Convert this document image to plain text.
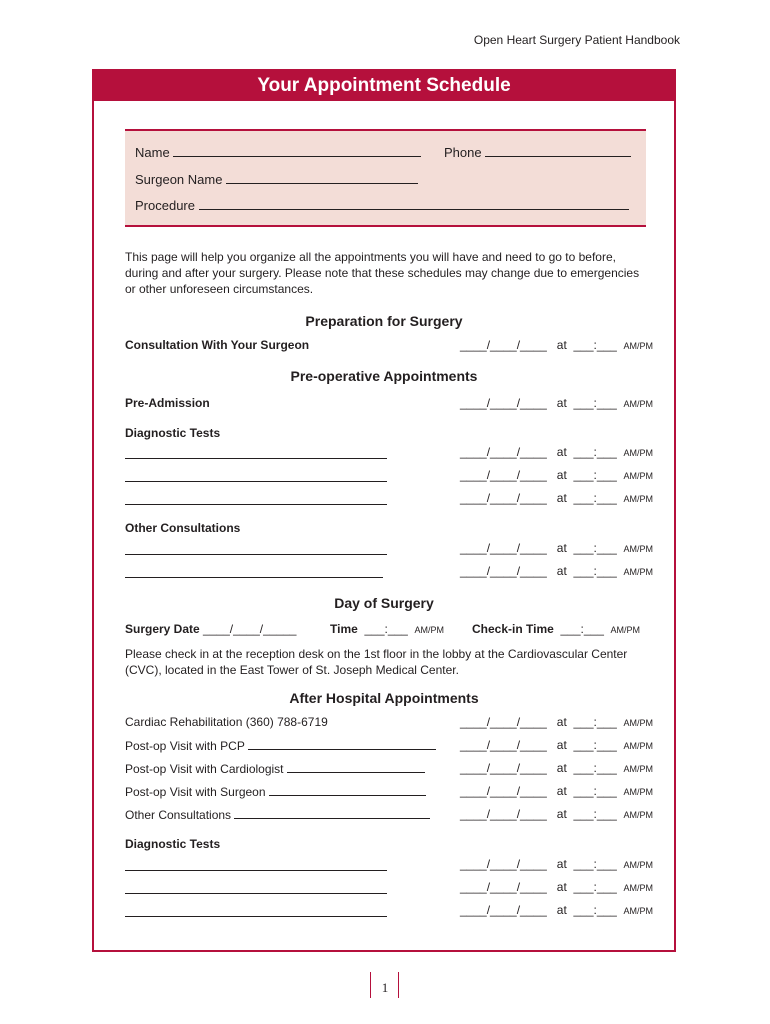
Open Heart Surgery Patient Handbook
Your Appointment Schedule
Name	Phone
Surgeon Name
Procedure
This page will help you organize all the appointments you will have and need to go to before, during and after your surgery. Please note that these schedules may change due to emergencies or other unforeseen circumstances.
Preparation for Surgery
Consultation With Your Surgeon	____/____/____ at ___:___ AM/PM
Pre-operative Appointments
Pre-Admission	____/____/____ at ___:___ AM/PM
Diagnostic Tests
____/____/____ at ___:___ AM/PM
____/____/____ at ___:___ AM/PM
____/____/____ at ___:___ AM/PM
Other Consultations
____/____/____ at ___:___ AM/PM
____/____/____ at ___:___ AM/PM
Day of Surgery
Surgery Date ____/____/_____	Time ___:___ AM/PM Check-in Time ___:___ AM/PM
Please check in at the reception desk on the 1st floor in the lobby at the Cardiovascular Center (CVC), located in the East Tower of St. Joseph Medical Center.
After Hospital Appointments
Cardiac Rehabilitation (360) 788-6719	____/____/____ at ___:___ AM/PM
Post-op Visit with PCP	____/____/____ at ___:___ AM/PM
Post-op Visit with Cardiologist	____/____/____ at ___:___ AM/PM
Post-op Visit with Surgeon	____/____/____ at ___:___ AM/PM
Other Consultations	____/____/____ at ___:___ AM/PM
Diagnostic Tests
____/____/____ at ___:___ AM/PM
____/____/____ at ___:___ AM/PM
____/____/____ at ___:___ AM/PM
1
